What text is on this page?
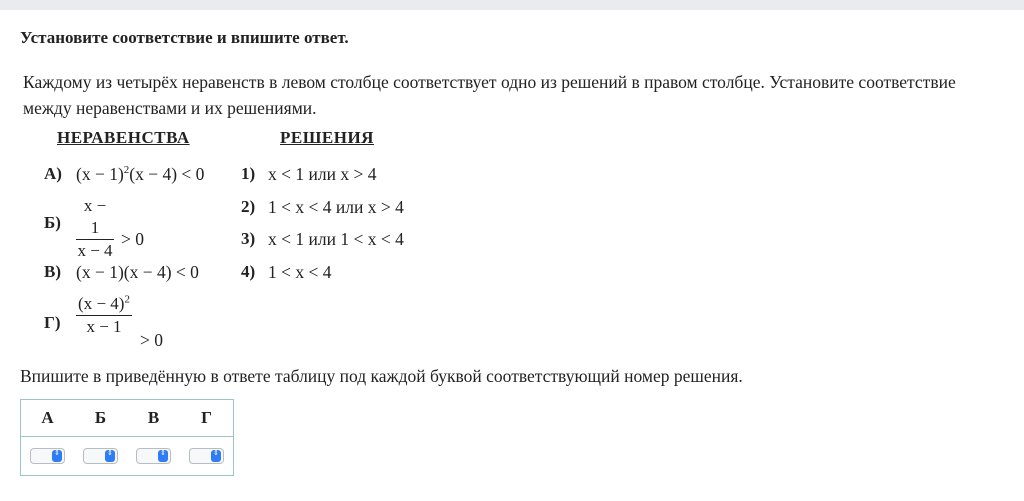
Установите соответствие и впишите ответ.
Каждому из четырёх неравенств в левом столбце соответствует одно из решений в правом столбце. Установите соответствие между неравенствами и их решениями.
НЕРАВЕНСТВА	РЕШЕНИЯ
А) $(x - 1)^2(x - 4) < 0$
$Б) \frac{x - 1}{x - 4} > 0$
В) (x − 1)(x − 4) < 0
$Г) \frac{(x - 4)^2}{x - 1}$
> 0
1) x < 1 или x > 4
2) 1 < x < 4 или x > 4
3) x < 1 или 1 < x < 4
4) 1 < x < 4
Впишите в приведённую в ответе таблицу под каждой буквой соответствующий номер решения.
А	Б	В	Г

⇕	⇕	⇕	⇕
